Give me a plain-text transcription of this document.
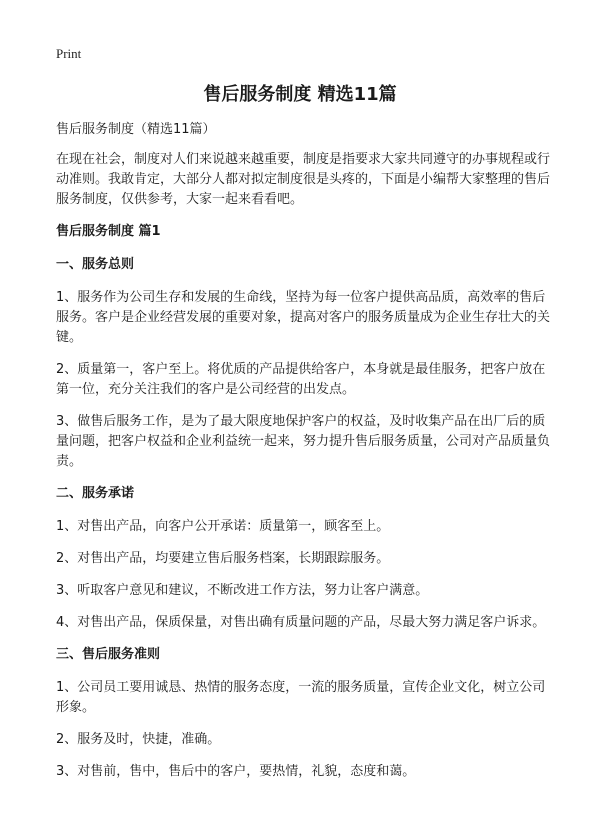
Print
售后服务制度 精选11篇

售后服务制度（精选11篇）

在现在社会，制度对人们来说越来越重要，制度是指要求大家共同遵守的办事规程或行动准则。我敢肯定，大部分人都对拟定制度很是头疼的，下面是小编帮大家整理的售后服务制度，仅供参考，大家一起来看看吧。

售后服务制度 篇1

一、服务总则

1、服务作为公司生存和发展的生命线，坚持为每一位客户提供高品质，高效率的售后服务。客户是企业经营发展的重要对象，提高对客户的服务质量成为企业生存壮大的关键。

2、质量第一，客户至上。将优质的产品提供给客户，本身就是最佳服务，把客户放在第一位，充分关注我们的客户是公司经营的出发点。

3、做售后服务工作，是为了最大限度地保护客户的权益，及时收集产品在出厂后的质量问题，把客户权益和企业利益统一起来，努力提升售后服务质量，公司对产品质量负责。

二、服务承诺

1、对售出产品，向客户公开承诺：质量第一，顾客至上。

2、对售出产品，均要建立售后服务档案，长期跟踪服务。

3、听取客户意见和建议，不断改进工作方法，努力让客户满意。

4、对售出产品，保质保量，对售出确有质量问题的产品，尽最大努力满足客户诉求。

三、售后服务准则

1、公司员工要用诚恳、热情的服务态度，一流的服务质量，宣传企业文化，树立公司形象。

2、服务及时，快捷，准确。

3、对售前，售中，售后中的客户，要热情，礼貌，态度和蔼。
